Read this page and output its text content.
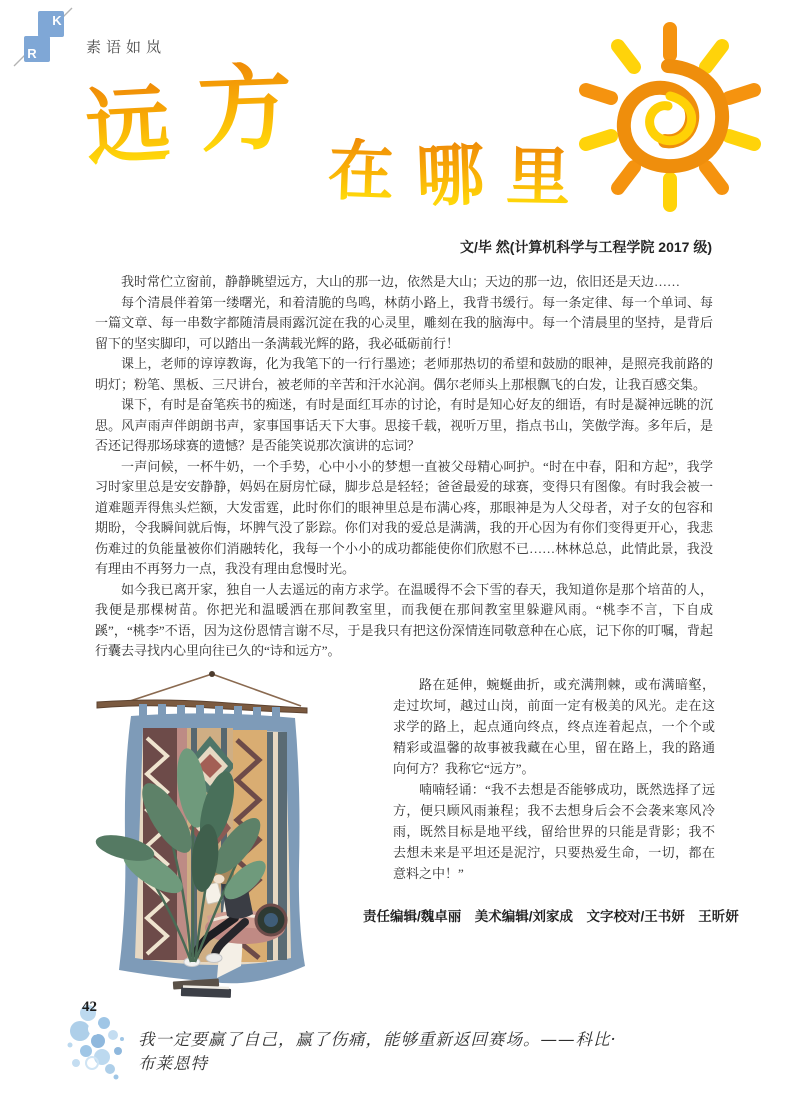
K
R	素语如岚
远 方
在 哪 里
文/毕 然(计算机科学与工程学院 2017 级)

我时常伫立窗前，静静眺望远方，大山的那一边，依然是大山；天边的那一边，依旧还是天边……

每个清晨伴着第一缕曙光，和着清脆的鸟鸣，林荫小路上，我背书缓行。每一条定律、每一个单词、每一篇文章、每一串数字都随清晨雨露沉淀在我的心灵里，雕刻在我的脑海中。每一个清晨里的坚持，是背后留下的坚实脚印，可以踏出一条满载光辉的路，我必砥砺前行！

课上，老师的谆谆教诲，化为我笔下的一行行墨迹；老师那热切的希望和鼓励的眼神，是照亮我前路的明灯；粉笔、黑板、三尺讲台，被老师的辛苦和汗水沁润。偶尔老师头上那根飘飞的白发，让我百感交集。

课下，有时是奋笔疾书的痴迷，有时是面红耳赤的讨论，有时是知心好友的细语，有时是凝神远眺的沉思。风声雨声伴朗朗书声，家事国事话天下大事。思接千载，视听万里，指点书山，笑傲学海。多年后，是否还记得那场球赛的遗憾？是否能笑说那次演讲的忘词？

一声问候，一杯牛奶，一个手势，心中小小的梦想一直被父母精心呵护。“时在中春，阳和方起”，我学习时家里总是安安静静，妈妈在厨房忙碌，脚步总是轻轻；爸爸最爱的球赛，变得只有图像。有时我会被一道难题弄得焦头烂额，大发雷霆，此时你们的眼神里总是布满心疼，那眼神是为人父母者，对子女的包容和期盼，令我瞬间就后悔，坏脾气没了影踪。你们对我的爱总是满满，我的开心因为有你们变得更开心，我悲伤难过的负能量被你们消融转化，我每一个小小的成功都能使你们欣慰不已……林林总总，此情此景，我没有理由不再努力一点，我没有理由怠慢时光。

如今我已离开家，独自一人去遥远的南方求学。在温暖得不会下雪的春天，我知道你是那个培苗的人，我便是那棵树苗。你把光和温暖洒在那间教室里，而我便在那间教室里躲避风雨。“桃李不言，下自成蹊”，“桃李”不语，因为这份恩情言谢不尽，于是我只有把这份深情连同敬意种在心底，记下你的叮嘱，背起行囊去寻找内心里向往已久的“诗和远方”。

路在延伸，蜿蜒曲折，或充满荆棘，或布满暗壑，走过坎坷，越过山岗，前面一定有极美的风光。走在这求学的路上，起点通向终点，终点连着起点，一个个或精彩或温馨的故事被我藏在心里，留在路上，我的路通向何方？我称它“远方”。

喃喃轻诵：“我不去想是否能够成功，既然选择了远方，便只顾风雨兼程；我不去想身后会不会袭来寒风冷雨，既然目标是地平线，留给世界的只能是背影；我不去想未来是平坦还是泥泞，只要热爱生命，一切，都在意料之中！”

责任编辑/魏卓丽　美术编辑/刘家成　文字校对/王书妍　王昕妍
42
我一定要赢了自己，赢了伤痛，能够重新返回赛场。——科比·布莱恩特
